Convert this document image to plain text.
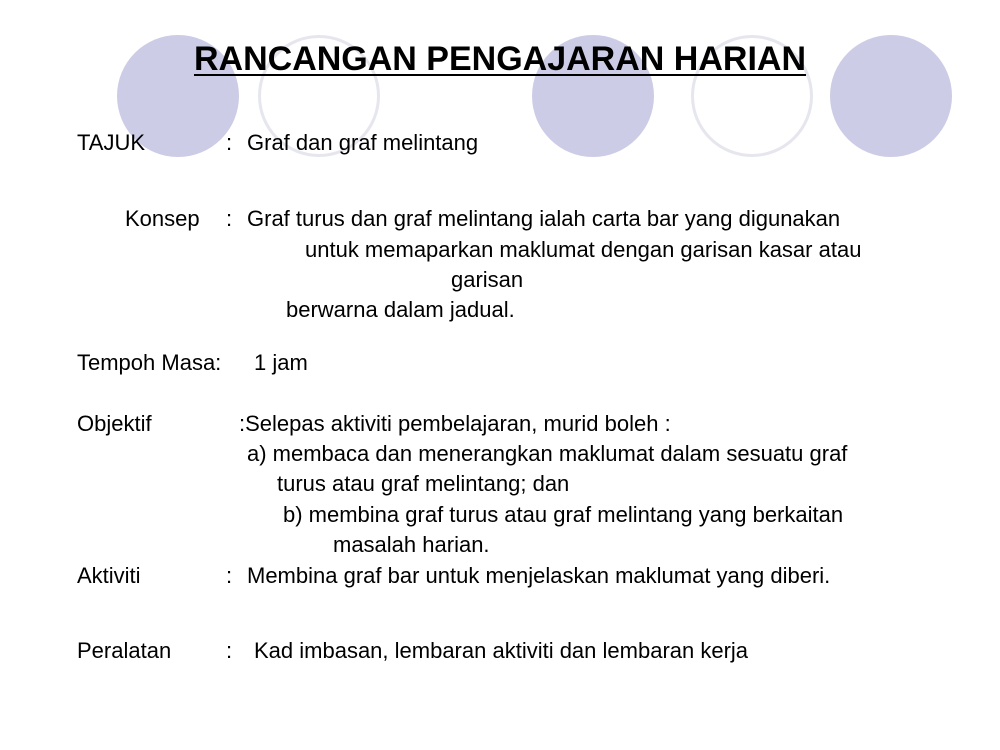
RANCANGAN PENGAJARAN HARIAN
TAJUK	: Graf dan graf melintang
Konsep : Graf turus dan graf melintang ialah carta bar yang digunakan
untuk memaparkan maklumat dengan garisan kasar atau
garisan
berwarna dalam jadual.
Tempoh Masa: 1 jam
Objektif	:Selepas aktiviti pembelajaran, murid boleh :
a) membaca dan menerangkan maklumat dalam sesuatu graf
turus atau graf melintang; dan
b) membina graf turus atau graf melintang yang berkaitan
masalah harian.
Aktiviti	: Membina graf bar untuk menjelaskan maklumat yang diberi.
Peralatan : Kad imbasan, lembaran aktiviti dan lembaran kerja
